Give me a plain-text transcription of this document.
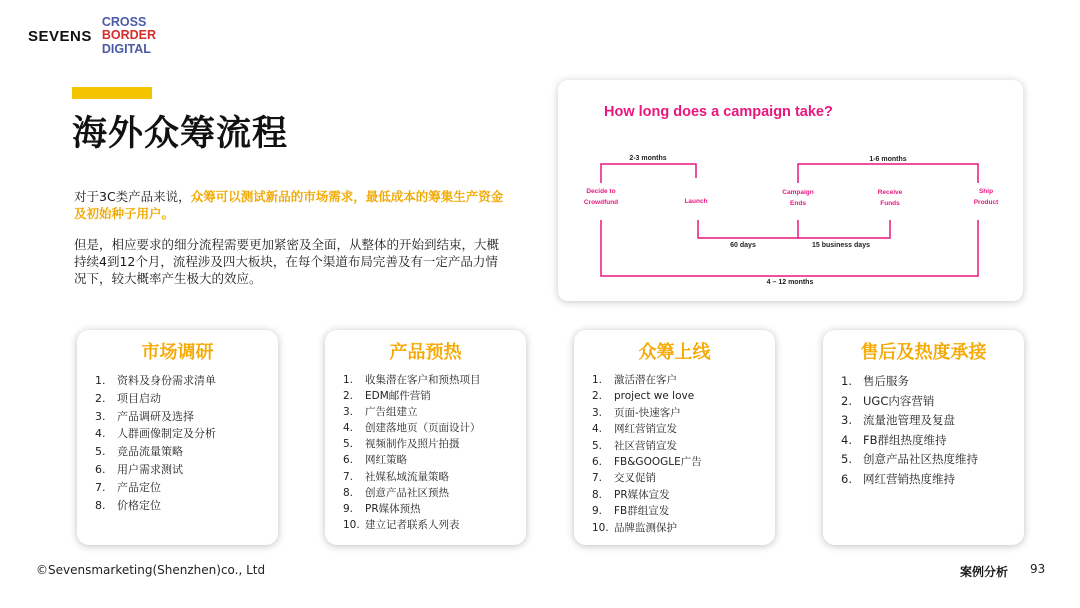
SEVENS
CROSS
BORDER
DIGITAL
海外众筹流程

对于3C类产品来说，众筹可以测试新品的市场需求，最低成本的筹集生产资金及初始种子用户。

但是，相应要求的细分流程需要更加紧密及全面，从整体的开始到结束，大概持续4到12个月，流程涉及四大板块，在每个渠道布局完善及有一定产品力情况下，较大概率产生极大的效应。

How long does a campaign take?
2-3 months	1-6 months
60 days	15 business days
4 – 12 months
Decide to
Crowdfund	Launch
Campaign
Ends
Receive
Funds
Ship
Product
市场调研
1.	资料及身份需求清单
2.	项目启动
3.	产品调研及选择
4.	人群画像制定及分析
5.	竞品流量策略
6.	用户需求测试
7.	产品定位
8.	价格定位
产品预热
1.	收集潜在客户和预热项目
2.	EDM邮件营销
3.	广告组建立
4.	创建落地页（页面设计）
5.	视频制作及照片拍摄
6.	网红策略
7.	社媒私域流量策略
8.	创意产品社区预热
9.	PR媒体预热
10. 建立记者联系人列表
众筹上线
1.	激活潜在客户
2.	project we love
3.	页面-快速客户
4.	网红营销宣发
5.	社区营销宣发
6.	FB&GOOGLE广告
7.	交叉促销
8.	PR媒体宣发
9.	FB群组宣发
10. 品牌监测保护
售后及热度承接
1. 售后服务
2. UGC内容营销
3. 流量池管理及复盘
4. FB群组热度维持
5. 创意产品社区热度维持
6. 网红营销热度维持
©Sevensmarketing(Shenzhen)co., Ltd	案例分析 93
